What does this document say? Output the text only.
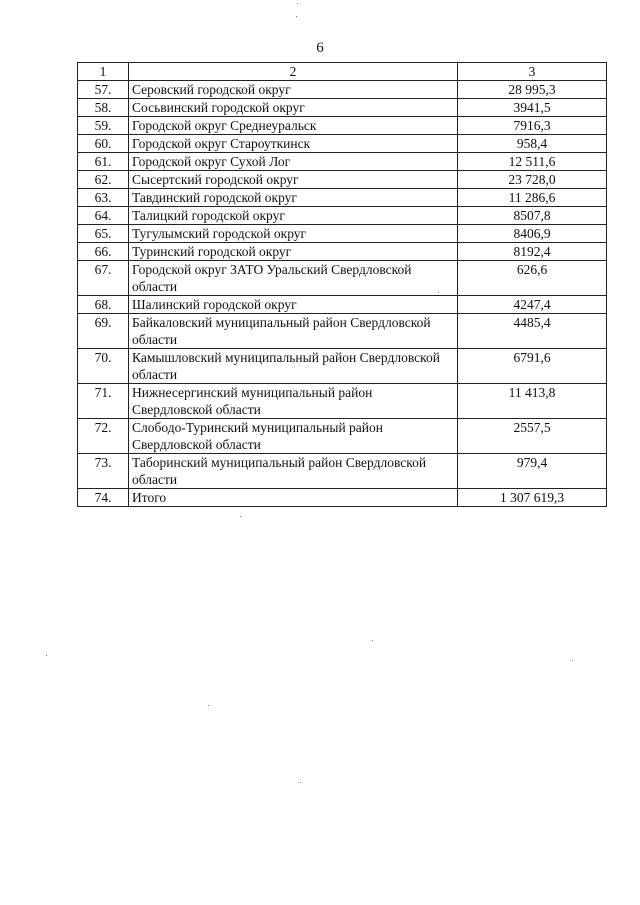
6
1	2	3
57.	Серовский городской округ	28 995,3
58.	Сосьвинский городской округ	3941,5
59.	Городской округ Среднеуральск	7916,3
60.	Городской округ Староуткинск	958,4
61.	Городской округ Сухой Лог	12 511,6
62.	Сысертский городской округ	23 728,0
63.	Тавдинский городской округ	11 286,6
64.	Талицкий городской округ	8507,8
65.	Тугулымский городской округ	8406,9
66.	Туринский городской округ	8192,4
67.	Городской округ ЗАТО Уральский Свердловской области	626,6
68.	Шалинский городской округ	4247,4
69.	Байкаловский муниципальный район Свердловской области	4485,4
70.	Камышловский муниципальный район Свердловской области	6791,6
71.	Нижнесергинский муниципальный район Свердловской области	11 413,8
72.	Слободо-Туринский муниципальный район Свердловской области	2557,5
73.	Таборинский муниципальный район Свердловской области	979,4
74.	Итого	1 307 619,3
